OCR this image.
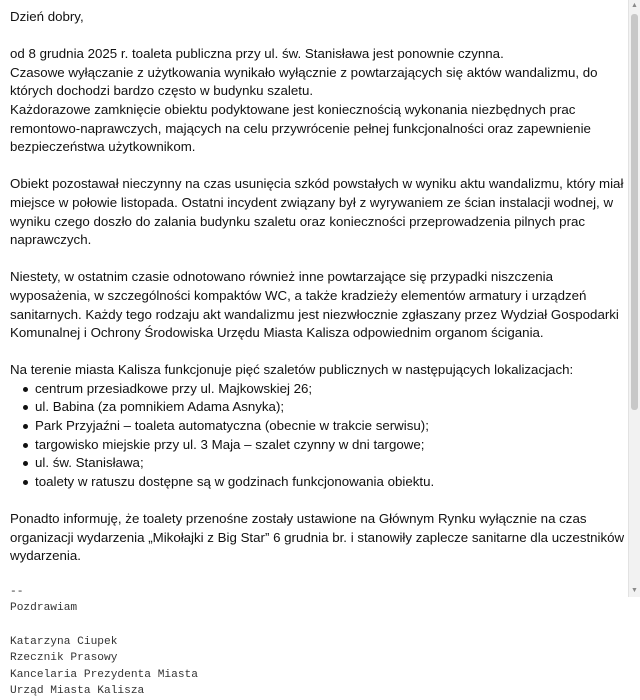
Dzień dobry,

od 8 grudnia 2025 r. toaleta publiczna przy ul. św. Stanisława jest ponownie czynna.

Czasowe wyłączanie z użytkowania wynikało wyłącznie z powtarzających się aktów wandalizmu, do których dochodzi bardzo często w budynku szaletu.

Każdorazowe zamknięcie obiektu podyktowane jest koniecznością wykonania niezbędnych prac remontowo-naprawczych, mających na celu przywrócenie pełnej funkcjonalności oraz zapewnienie bezpieczeństwa użytkownikom.

Obiekt pozostawał nieczynny na czas usunięcia szkód powstałych w wyniku aktu wandalizmu, który miał miejsce w połowie listopada. Ostatni incydent związany był z wyrywaniem ze ścian instalacji wodnej, w wyniku czego doszło do zalania budynku szaletu oraz konieczności przeprowadzenia pilnych prac naprawczych.

Niestety, w ostatnim czasie odnotowano również inne powtarzające się przypadki niszczenia wyposażenia, w szczególności kompaktów WC, a także kradzieży elementów armatury i urządzeń sanitarnych. Każdy tego rodzaju akt wandalizmu jest niezwłocznie zgłaszany przez Wydział Gospodarki Komunalnej i Ochrony Środowiska Urzędu Miasta Kalisza odpowiednim organom ścigania.

Na terenie miasta Kalisza funkcjonuje pięć szaletów publicznych w następujących lokalizacjach:

centrum przesiadkowe przy ul. Majkowskiej 26;
ul. Babina (za pomnikiem Adama Asnyka);
Park Przyjaźni – toaleta automatyczna (obecnie w trakcie serwisu);
targowisko miejskie przy ul. 3 Maja – szalet czynny w dni targowe;
ul. św. Stanisława;
toalety w ratuszu dostępne są w godzinach funkcjonowania obiektu.

Ponadto informuję, że toalety przenośne zostały ustawione na Głównym Rynku wyłącznie na czas organizacji wydarzenia „Mikołajki z Big Star” 6 grudnia br. i stanowiły zaplecze sanitarne dla uczestników wydarzenia.

--
Pozdrawiam
Katarzyna Ciupek
Rzecznik Prasowy
Kancelaria Prezydenta Miasta
Urząd Miasta Kalisza
▲
▼
